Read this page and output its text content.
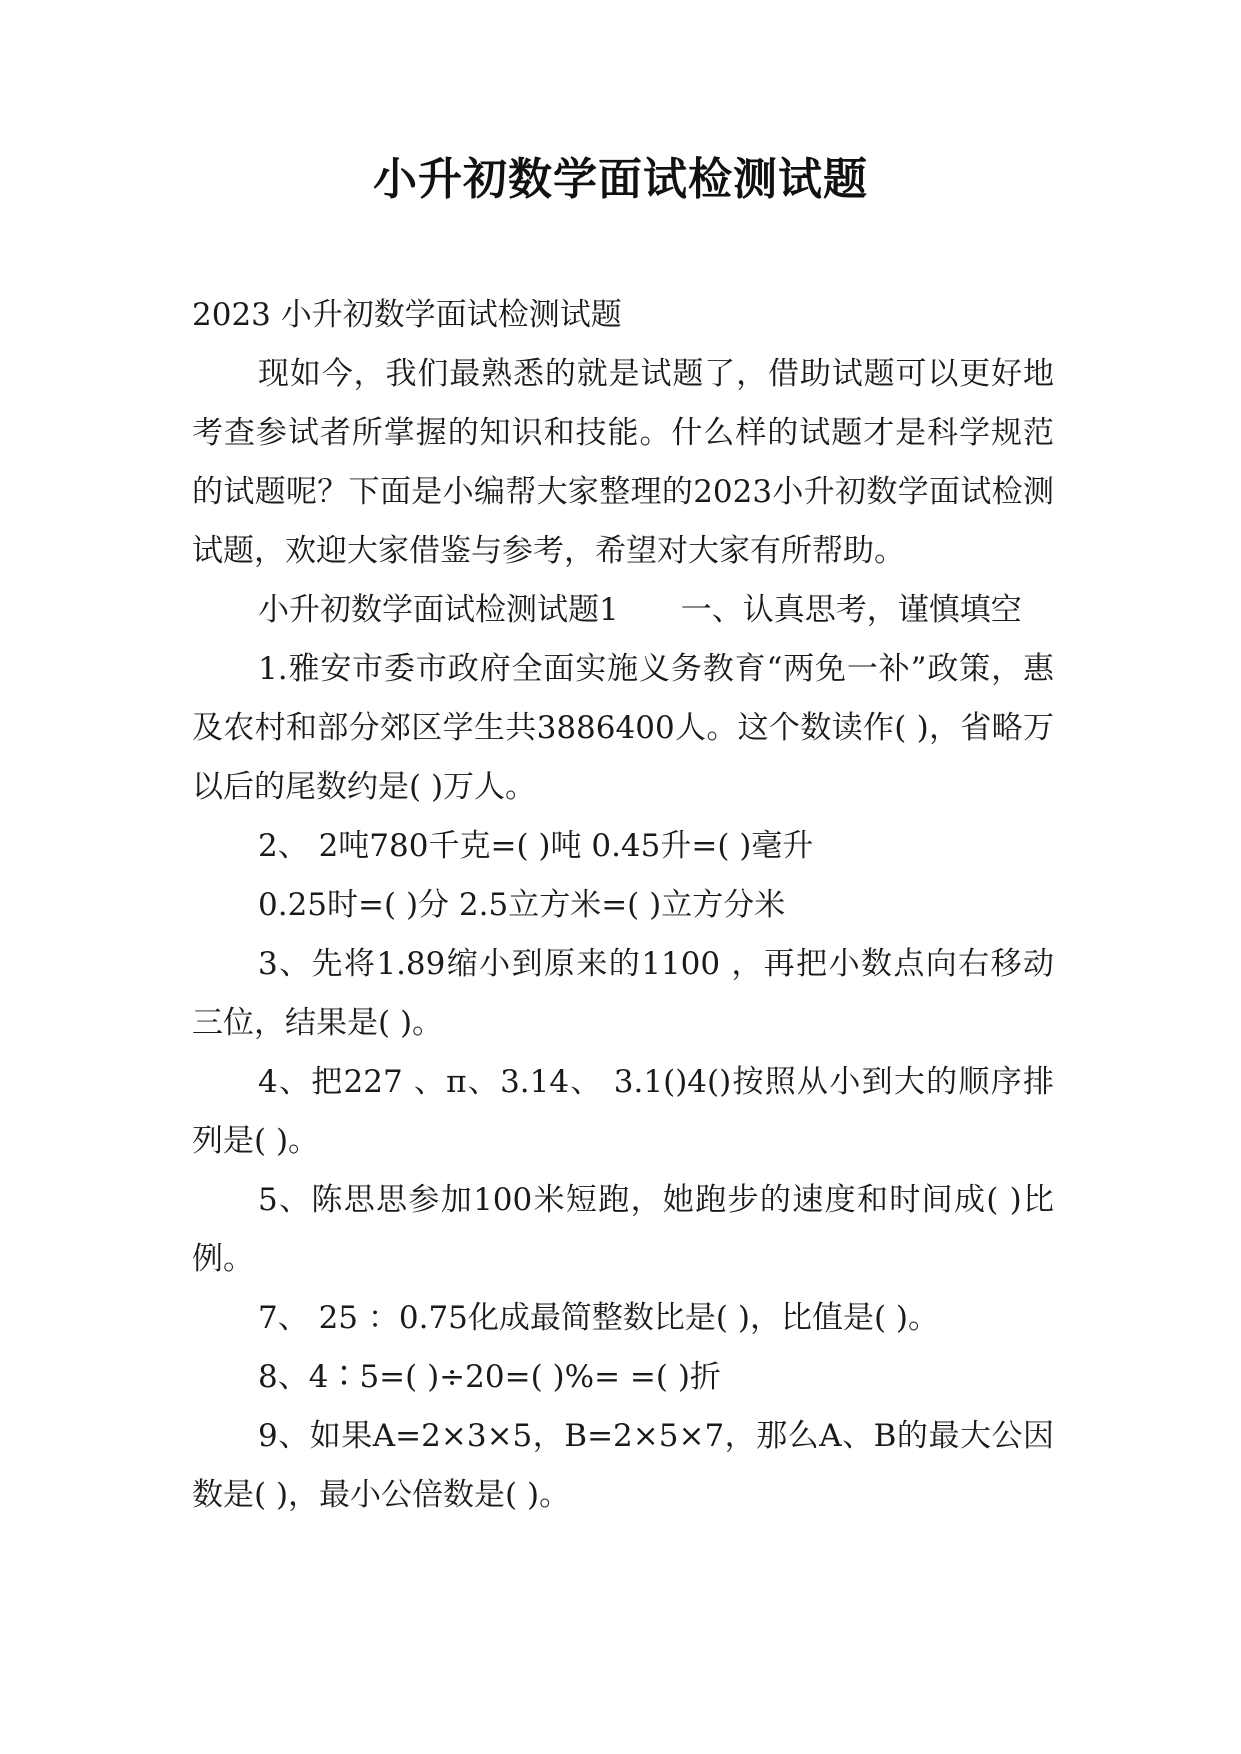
小升初数学面试检测试题

2023 小升初数学面试检测试题

现如今，我们最熟悉的就是试题了，借助试题可以更好地考查参试者所掌握的知识和技能。什么样的试题才是科学规范的试题呢？下面是小编帮大家整理的2023小升初数学面试检测试题，欢迎大家借鉴与参考，希望对大家有所帮助。

小升初数学面试检测试题1　　一、认真思考，谨慎填空

1.雅安市委市政府全面实施义务教育“两免一补”政策，惠及农村和部分郊区学生共3886400人。这个数读作( )，省略万以后的尾数约是( )万人。

2、 2吨780千克=( )吨 0.45升=( )毫升

0.25时=( )分 2.5立方米=( )立方分米

3、先将1.89缩小到原来的1100 ，再把小数点向右移动三位，结果是( )。

4、把227 、π、3.14、 3.1()4()按照从小到大的顺序排列是( )。

5、陈思思参加100米短跑，她跑步的速度和时间成( )比例。

7、 25 ：0.75化成最简整数比是( )，比值是( )。

8、4∶5=( )÷20=( )%= =( )折

9、如果A=2×3×5，B=2×5×7，那么A、B的最大公因数是( )，最小公倍数是( )。
